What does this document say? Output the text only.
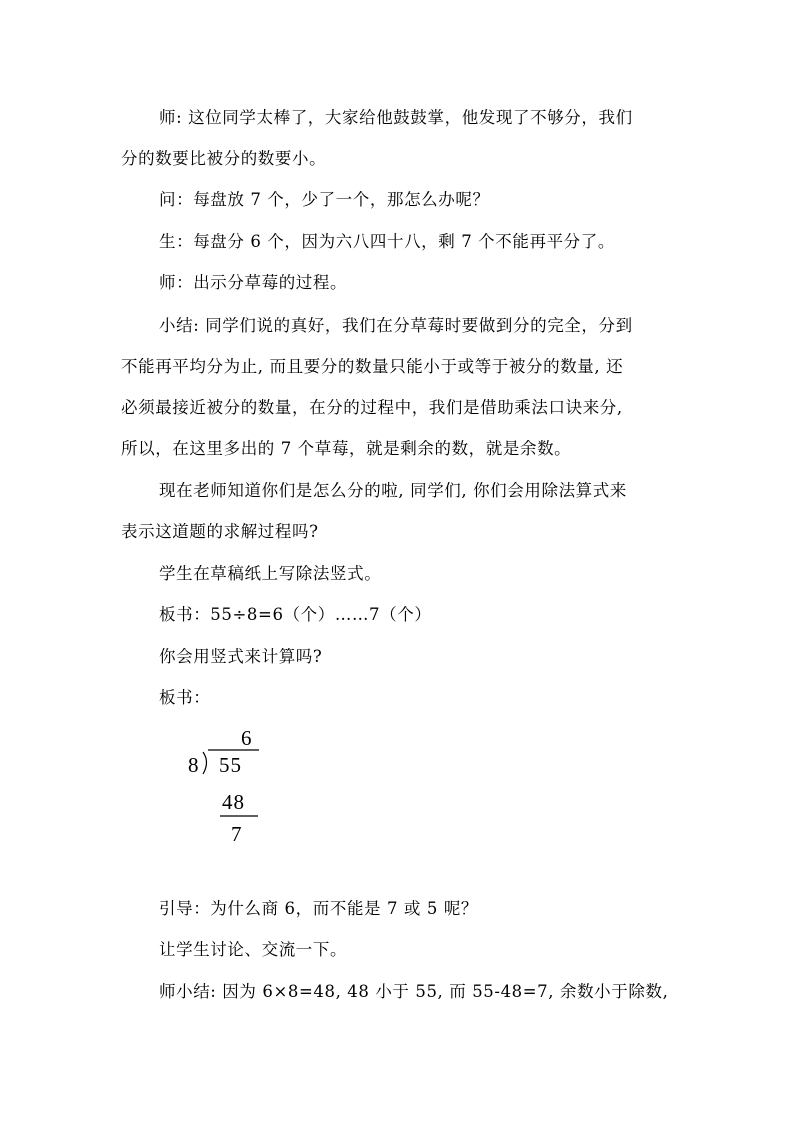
师: 这位同学太棒了，大家给他鼓鼓掌，他发现了不够分，我们
分的数要比被分的数要小。
问：每盘放 7 个，少了一个，那怎么办呢？
生：每盘分 6 个，因为六八四十八，剩 7 个不能再平分了。
师：出示分草莓的过程。
小结: 同学们说的真好，我们在分草莓时要做到分的完全，分到
不能再平均分为止, 而且要分的数量只能小于或等于被分的数量, 还
必须最接近被分的数量，在分的过程中，我们是借助乘法口诀来分,
所以，在这里多出的 7 个草莓，就是剩余的数，就是余数。
现在老师知道你们是怎么分的啦, 同学们, 你们会用除法算式来
表示这道题的求解过程吗?
学生在草稿纸上写除法竖式。
板书：55÷8=6（个）……7（个）
你会用竖式来计算吗?
板书：
6
8 55
48
7
引导：为什么商 6，而不能是 7 或 5 呢？
让学生讨论、交流一下。
师小结: 因为 6×8=48, 48 小于 55, 而 55-48=7, 余数小于除数,
